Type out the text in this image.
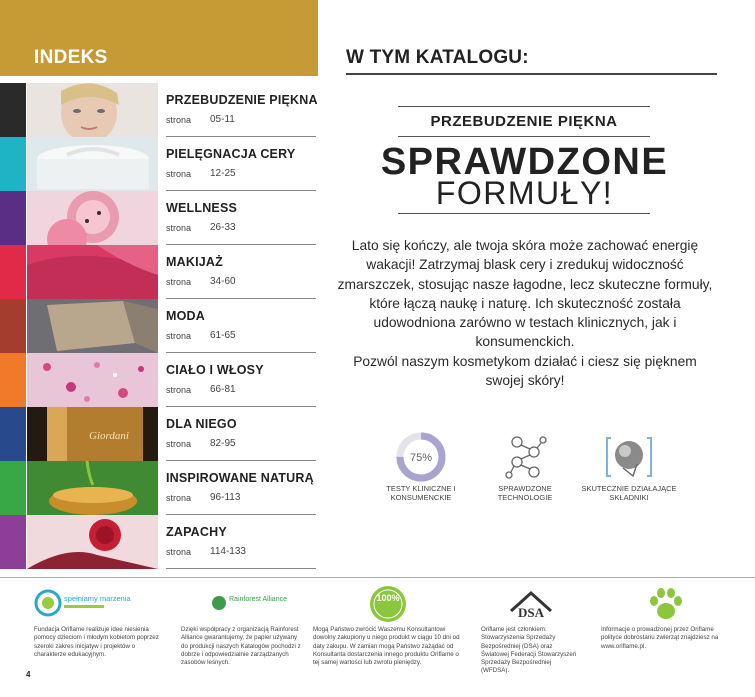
INDEKS
PRZEBUDZENIE PIĘKNA
strona 05-11
PIELĘGNACJA CERY
strona 12-25
WELLNESS
strona 26-33
MAKIJAŻ
strona 34-60
MODA
strona 61-65
CIAŁO I WŁOSY
strona 66-81
Giordani
DLA NIEGO
strona 82-95
INSPIROWANE NATURĄ
strona 96-113
ZAPACHY
strona 114-133
W TYM KATALOGU:
PRZEBUDZENIE PIĘKNA
SPRAWDZONE
FORMUŁY!

Lato się kończy, ale twoja skóra może zachować energię wakacji! Zatrzymaj blask cery i zredukuj widoczność zmarszczek, stosując nasze łagodne, lecz skuteczne formuły, które łączą naukę i naturę. Ich skuteczność została udowodniona zarówno w testach klinicznych, jak i konsumenckich.

Pozwól naszym kosmetykom działać i ciesz się pięknem swojej skóry!

75%
TESTY KLINICZNE I KONSUMENCKIE
SPRAWDZONE TECHNOLOGIE
SKUTECZNIE DZIAŁAJĄCE SKŁADNIKI
spełniamy marzenia
Fundacja Oriflame realizuje idee niesienia pomocy dzieciom i młodym kobietom poprzez szeroki zakres inicjatyw i projektów o charakterze edukacyjnym.
Rainforest Alliance
Dzięki współpracy z organizacją Rainforest Alliance gwarantujemy, że papier używany do produkcji naszych Katalogów pochodzi z dobrze i odpowiedzialnie zarządzanych zasobów leśnych.
100%
Mogą Państwo zwrócić Waszemu Konsultantowi dowolny zakupiony u niego produkt w ciągu 10 dni od daty zakupu. W zamian mogą Państwo zażądać od Konsultanta dostarczenia innego produktu Oriflame o tej samej wartości lub zwrotu pieniędzy.
DSA
Oriflame jest członkiem: Stowarzyszenia Sprzedaży Bezpośredniej (DSA) oraz Światowej Federacji Stowarzyszeń Sprzedaży Bezpośredniej (WFDSA).
Informacje o prowadzonej przez Oriflame polityce dobrostanu zwierząt znajdziesz na www.oriflame.pl.
4
